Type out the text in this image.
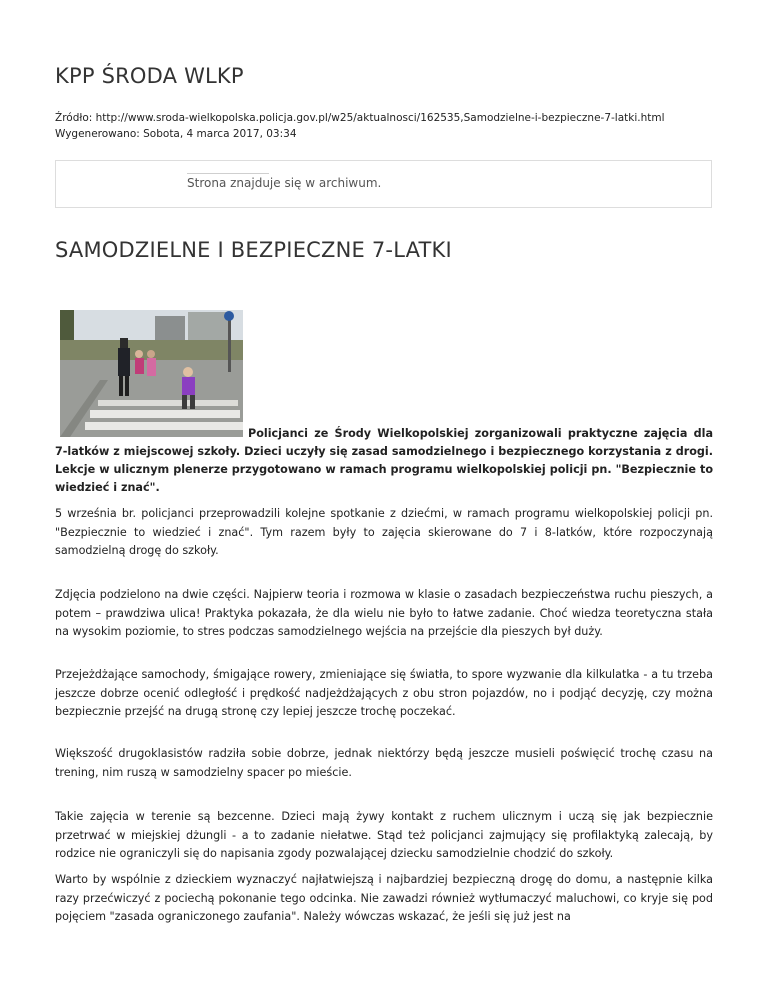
KPP ŚRODA WLKP
Źródło: http://www.sroda-wielkopolska.policja.gov.pl/w25/aktualnosci/162535,Samodzielne-i-bezpieczne-7-latki.html
Wygenerowano: Sobota, 4 marca 2017, 03:34
Strona znajduje się w archiwum.
SAMODZIELNE I BEZPIECZNE 7-LATKI
Policjanci ze Środy Wielkopolskiej zorganizowali praktyczne zajęcia dla 7-latków z miejscowej szkoły. Dzieci uczyły się zasad samodzielnego i bezpiecznego korzystania z drogi. Lekcje w ulicznym plenerze przygotowano w ramach programu wielkopolskiej policji pn. "Bezpiecznie to wiedzieć i znać".

5 września br. policjanci przeprowadzili kolejne spotkanie z dziećmi, w ramach programu wielkopolskiej policji pn. "Bezpiecznie to wiedzieć i znać". Tym razem były to zajęcia skierowane do 7 i 8-latków, które rozpoczynają samodzielną drogę do szkoły.

Zdjęcia podzielono na dwie części. Najpierw teoria i rozmowa w klasie o zasadach bezpieczeństwa ruchu pieszych, a potem – prawdziwa ulica! Praktyka pokazała, że dla wielu nie było to łatwe zadanie. Choć wiedza teoretyczna stała na wysokim poziomie, to stres podczas samodzielnego wejścia na przejście dla pieszych był duży.

Przejeżdżające samochody, śmigające rowery, zmieniające się światła, to spore wyzwanie dla kilkulatka - a tu trzeba jeszcze dobrze ocenić odległość i prędkość nadjeżdżających z obu stron pojazdów, no i podjąć decyzję, czy można bezpiecznie przejść na drugą stronę czy lepiej jeszcze trochę poczekać.

Większość drugoklasistów radziła sobie dobrze, jednak niektórzy będą jeszcze musieli poświęcić trochę czasu na trening, nim ruszą w samodzielny spacer po mieście.

Takie zajęcia w terenie są bezcenne. Dzieci mają żywy kontakt z ruchem ulicznym i uczą się jak bezpiecznie przetrwać w miejskiej dżungli - a to zadanie niełatwe. Stąd też policjanci zajmujący się profilaktyką zalecają, by rodzice nie ograniczyli się do napisania zgody pozwalającej dziecku samodzielnie chodzić do szkoły.

Warto by wspólnie z dzieckiem wyznaczyć najłatwiejszą i najbardziej bezpieczną drogę do domu, a następnie kilka razy przećwiczyć z pociechą pokonanie tego odcinka. Nie zawadzi również wytłumaczyć maluchowi, co kryje się pod pojęciem "zasada ograniczonego zaufania". Należy wówczas wskazać, że jeśli się już jest na
